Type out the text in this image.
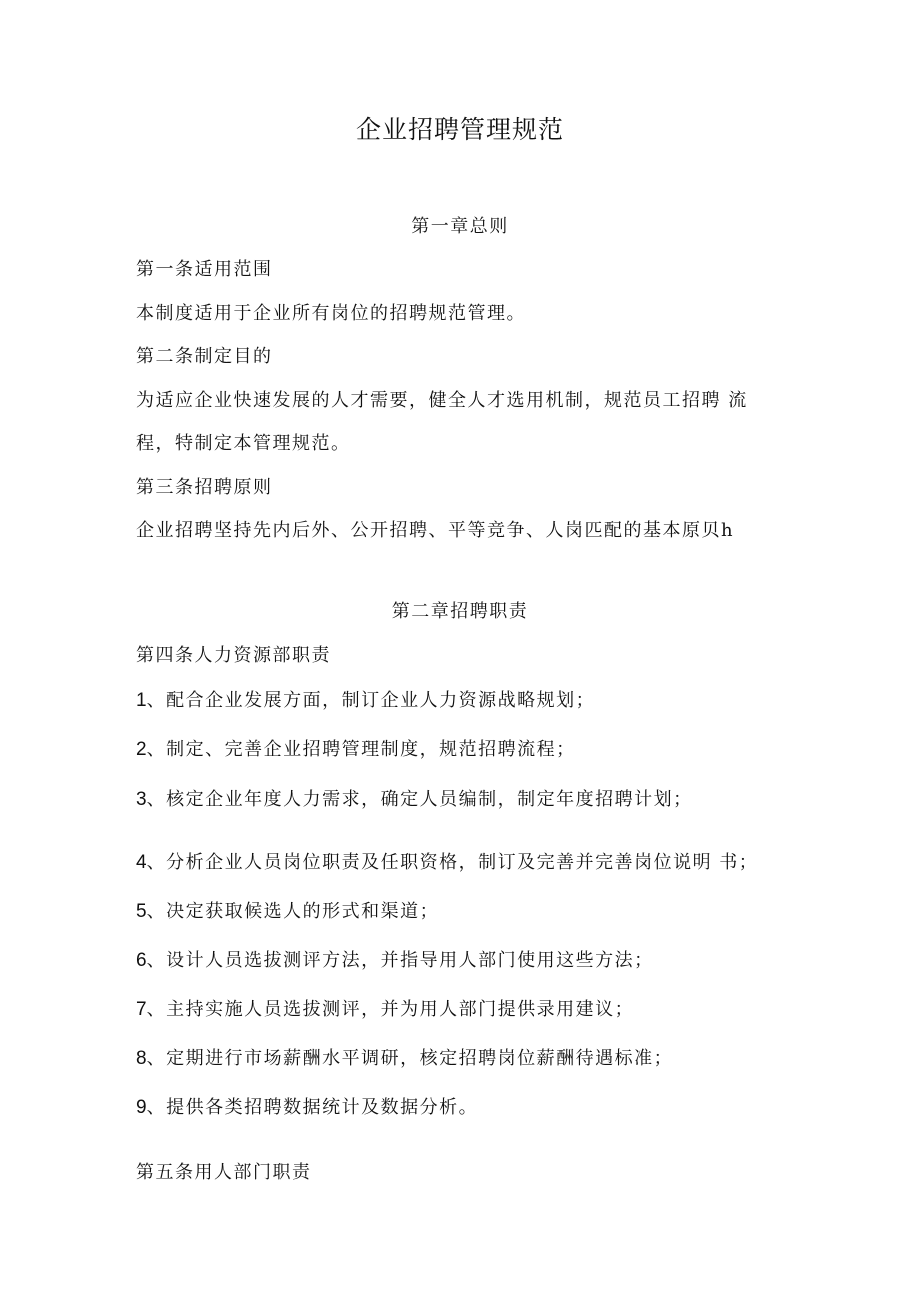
企业招聘管理规范
第一章总则
第一条适用范围
本制度适用于企业所有岗位的招聘规范管理。
第二条制定目的
为适应企业快速发展的人才需要，健全人才选用机制，规范员工招聘 流
程，特制定本管理规范。
第三条招聘原则
企业招聘坚持先内后外、公开招聘、平等竞争、人岗匹配的基本原贝h
第二章招聘职责
第四条人力资源部职责
1、配合企业发展方面，制订企业人力资源战略规划；
2、制定、完善企业招聘管理制度，规范招聘流程；
3、核定企业年度人力需求，确定人员编制，制定年度招聘计划；
4、分析企业人员岗位职责及任职资格，制订及完善并完善岗位说明 书；
5、决定获取候选人的形式和渠道；
6、设计人员选拔测评方法，并指导用人部门使用这些方法；
7、主持实施人员选拔测评，并为用人部门提供录用建议；
8、定期进行市场薪酬水平调研，核定招聘岗位薪酬待遇标准；
9、提供各类招聘数据统计及数据分析。
第五条用人部门职责
